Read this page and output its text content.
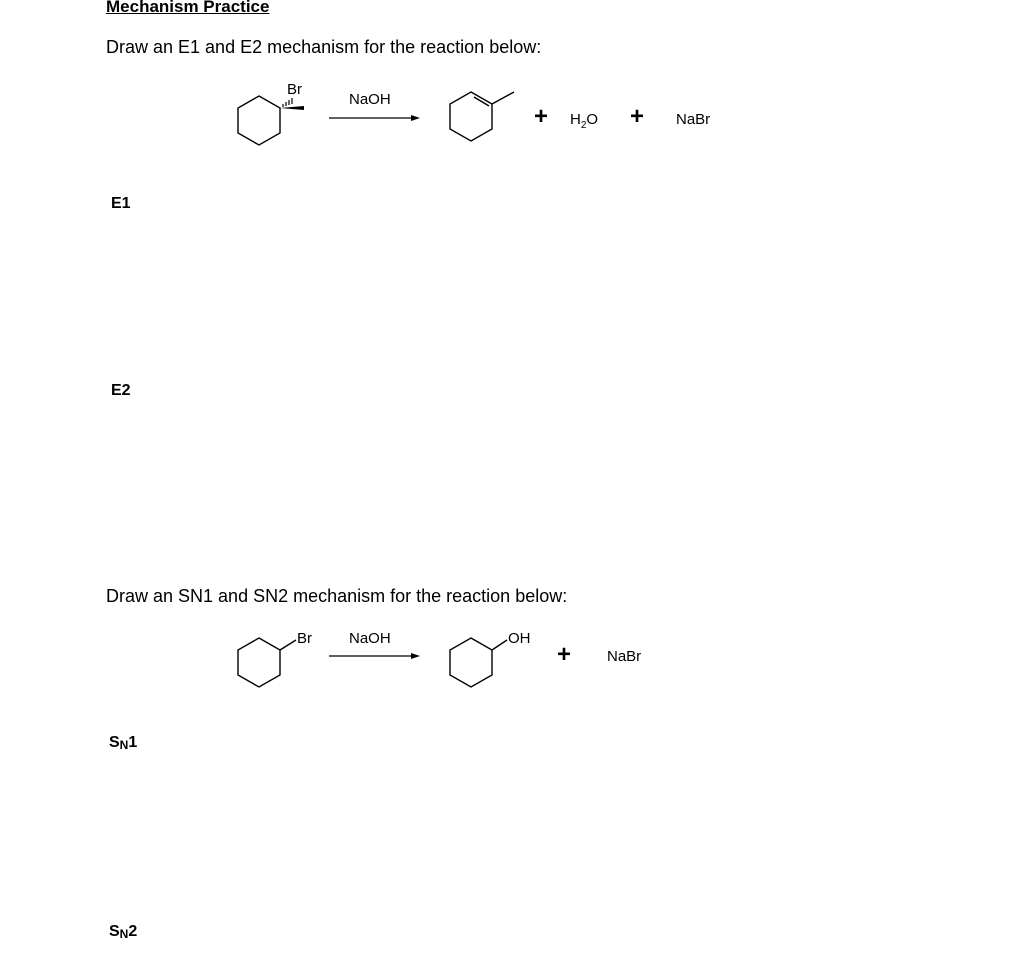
Mechanism Practice
Draw an E1 and E2 mechanism for the reaction below:
Br
NaOH
+ $H_2O$ + NaBr
E1
E2
Draw an SN1 and SN2 mechanism for the reaction below:
Br NaOH	OH
+ NaBr
$S_N1$
$S_N2$
